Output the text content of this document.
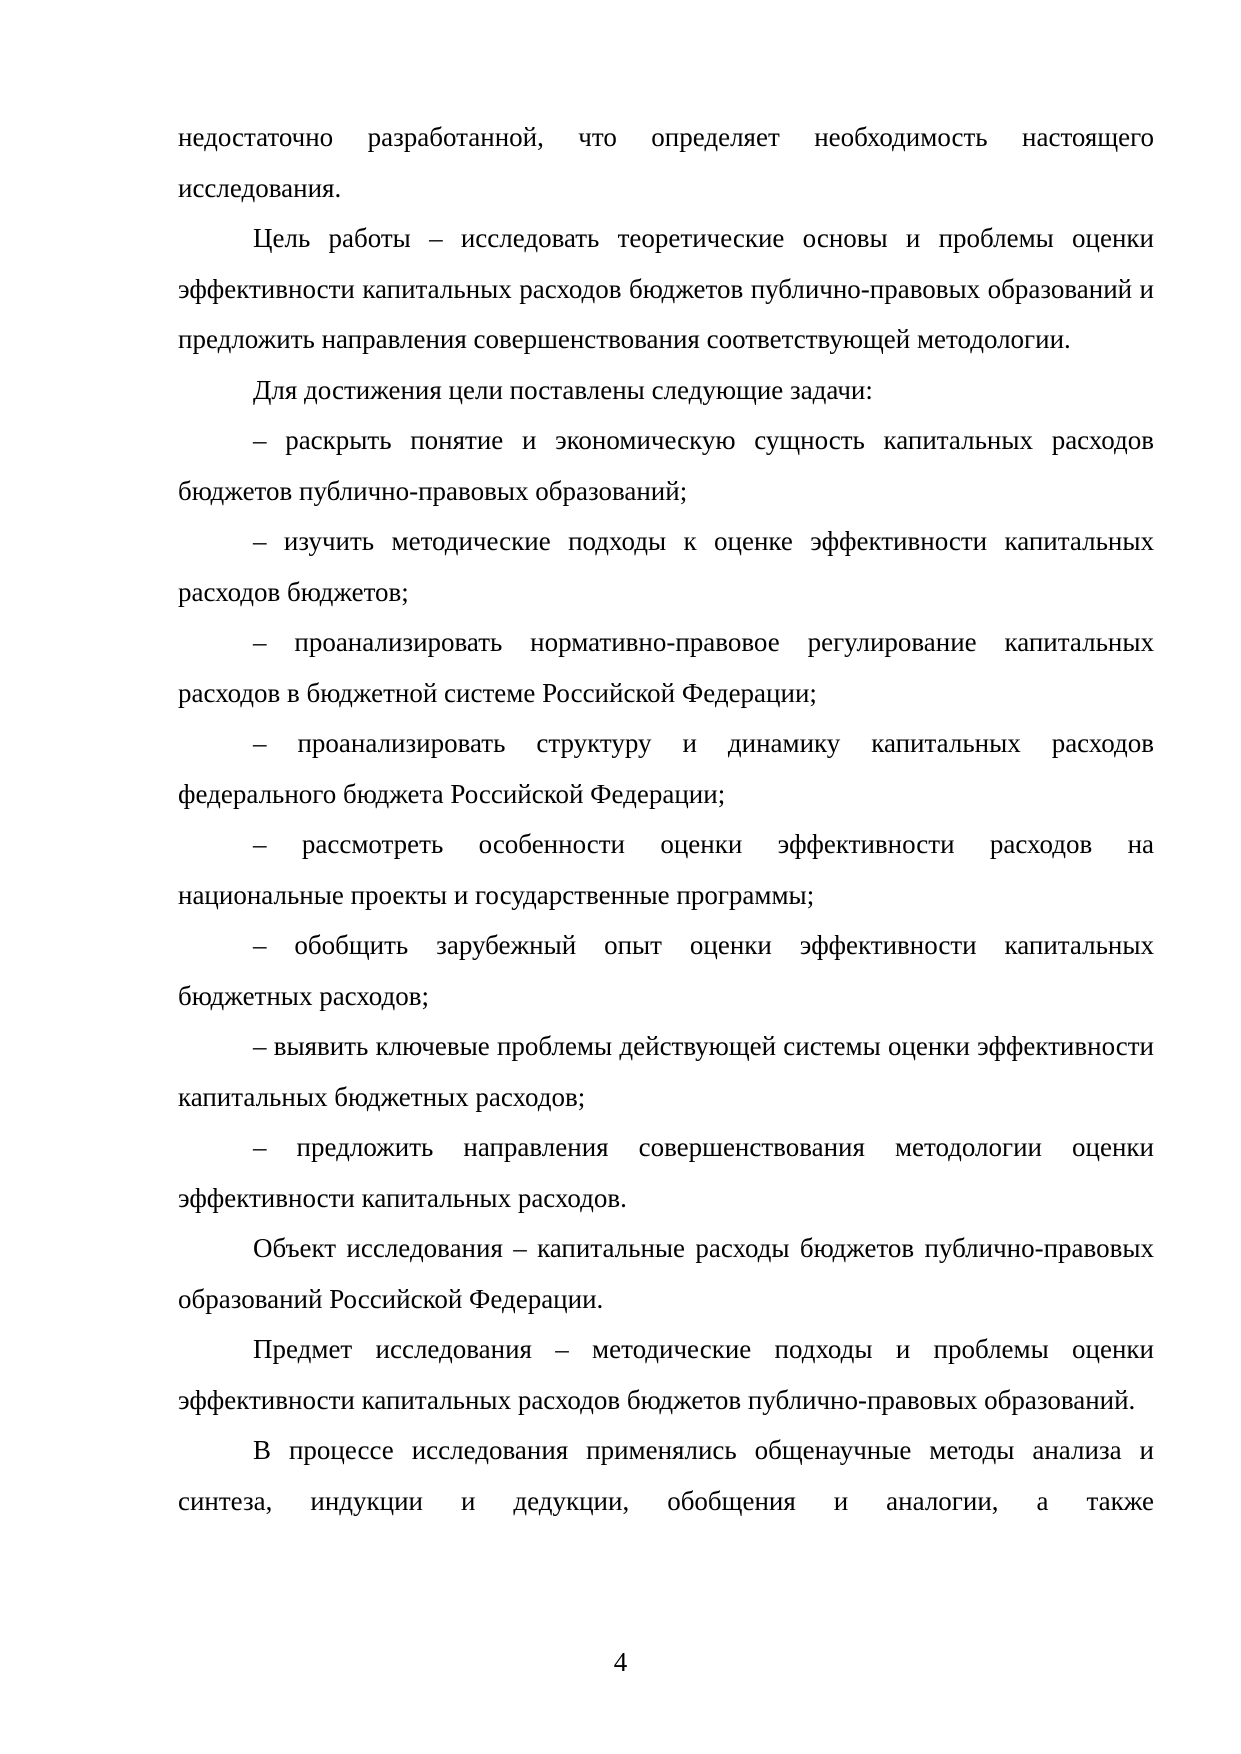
недостаточно разработанной, что определяет необходимость настоящего исследования.

Цель работы – исследовать теоретические основы и проблемы оценки эффективности капитальных расходов бюджетов публично-правовых образований и предложить направления совершенствования соответствующей методологии.

Для достижения цели поставлены следующие задачи:

– раскрыть понятие и экономическую сущность капитальных расходов бюджетов публично-правовых образований;

– изучить методические подходы к оценке эффективности капитальных расходов бюджетов;

– проанализировать нормативно-правовое регулирование капитальных расходов в бюджетной системе Российской Федерации;

– проанализировать структуру и динамику капитальных расходов федерального бюджета Российской Федерации;

– рассмотреть особенности оценки эффективности расходов на национальные проекты и государственные программы;

– обобщить зарубежный опыт оценки эффективности капитальных бюджетных расходов;

– выявить ключевые проблемы действующей системы оценки эффективности капитальных бюджетных расходов;

– предложить направления совершенствования методологии оценки эффективности капитальных расходов.

Объект исследования – капитальные расходы бюджетов публично-правовых образований Российской Федерации.

Предмет исследования – методические подходы и проблемы оценки эффективности капитальных расходов бюджетов публично-правовых образований.

В процессе исследования применялись общенаучные методы анализа и синтеза, индукции и дедукции, обобщения и аналогии, а также

4
